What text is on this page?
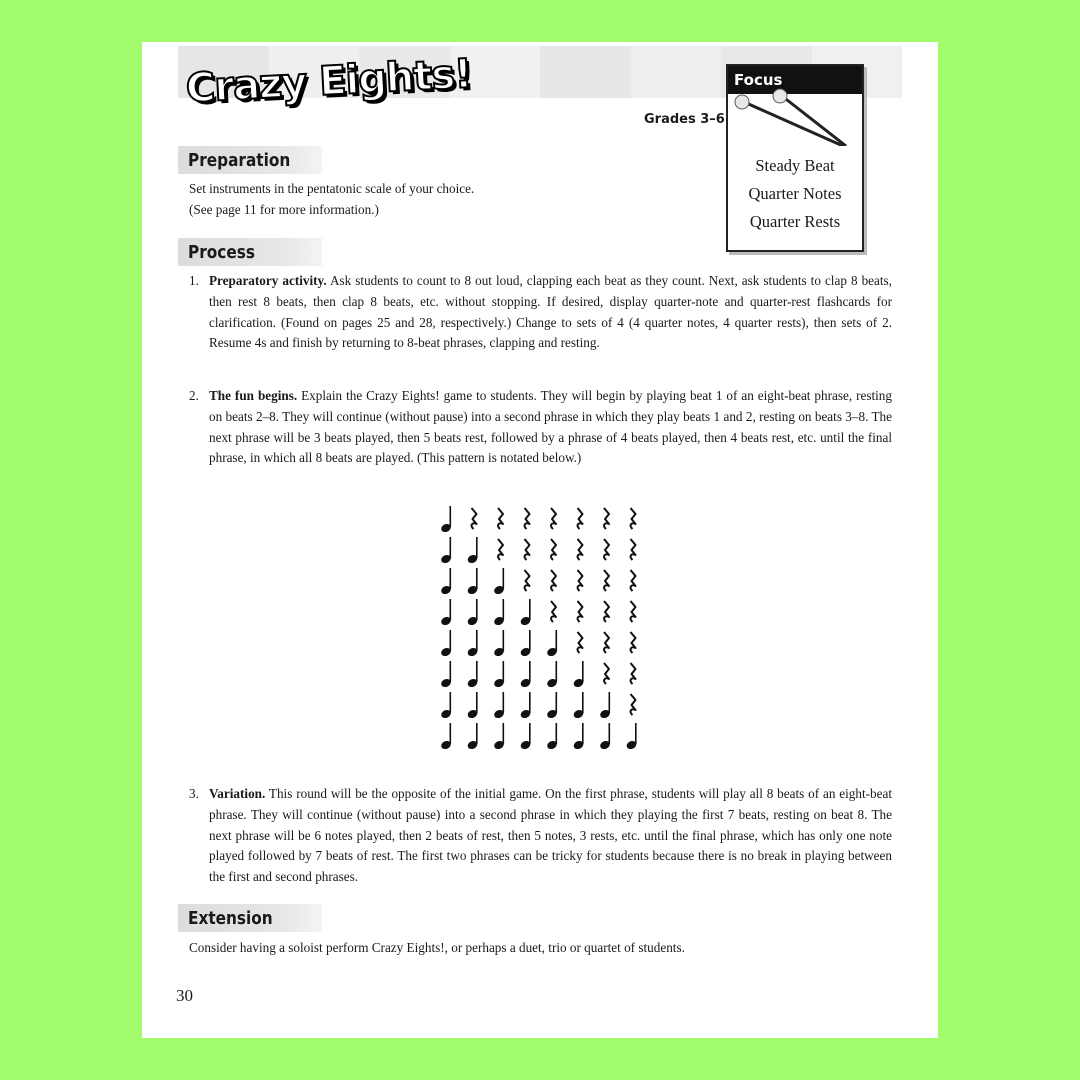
Crazy Eights!
Grades 3–6
Focus
Steady Beat
Quarter Notes
Quarter Rests
Preparation
Set instruments in the pentatonic scale of your choice.
(See page 11 for more information.)
Process
1. Preparatory activity. Ask students to count to 8 out loud, clapping each beat as they count. Next, ask students to clap 8 beats, then rest 8 beats, then clap 8 beats, etc. without stopping. If desired, display quarter-note and quarter-rest flashcards for clarification. (Found on pages 25 and 28, respectively.) Change to sets of 4 (4 quarter notes, 4 quarter rests), then sets of 2. Resume 4s and finish by returning to 8-beat phrases, clapping and resting.
2. The fun begins. Explain the Crazy Eights! game to students. They will begin by playing beat 1 of an eight-beat phrase, resting on beats 2–8. They will continue (without pause) into a second phrase in which they play beats 1 and 2, resting on beats 3–8. The next phrase will be 3 beats played, then 5 beats rest, followed by a phrase of 4 beats played, then 4 beats rest, etc. until the final phrase, in which all 8 beats are played. (This pattern is notated below.)
3. Variation. This round will be the opposite of the initial game. On the first phrase, students will play all 8 beats of an eight-beat phrase. They will continue (without pause) into a second phrase in which they playing the first 7 beats, resting on beat 8. The next phrase will be 6 notes played, then 2 beats of rest, then 5 notes, 3 rests, etc. until the final phrase, which has only one note played followed by 7 beats of rest. The first two phrases can be tricky for students because there is no break in playing between the first and second phrases.
Extension
Consider having a soloist perform Crazy Eights!, or perhaps a duet, trio or quartet of students.
30
